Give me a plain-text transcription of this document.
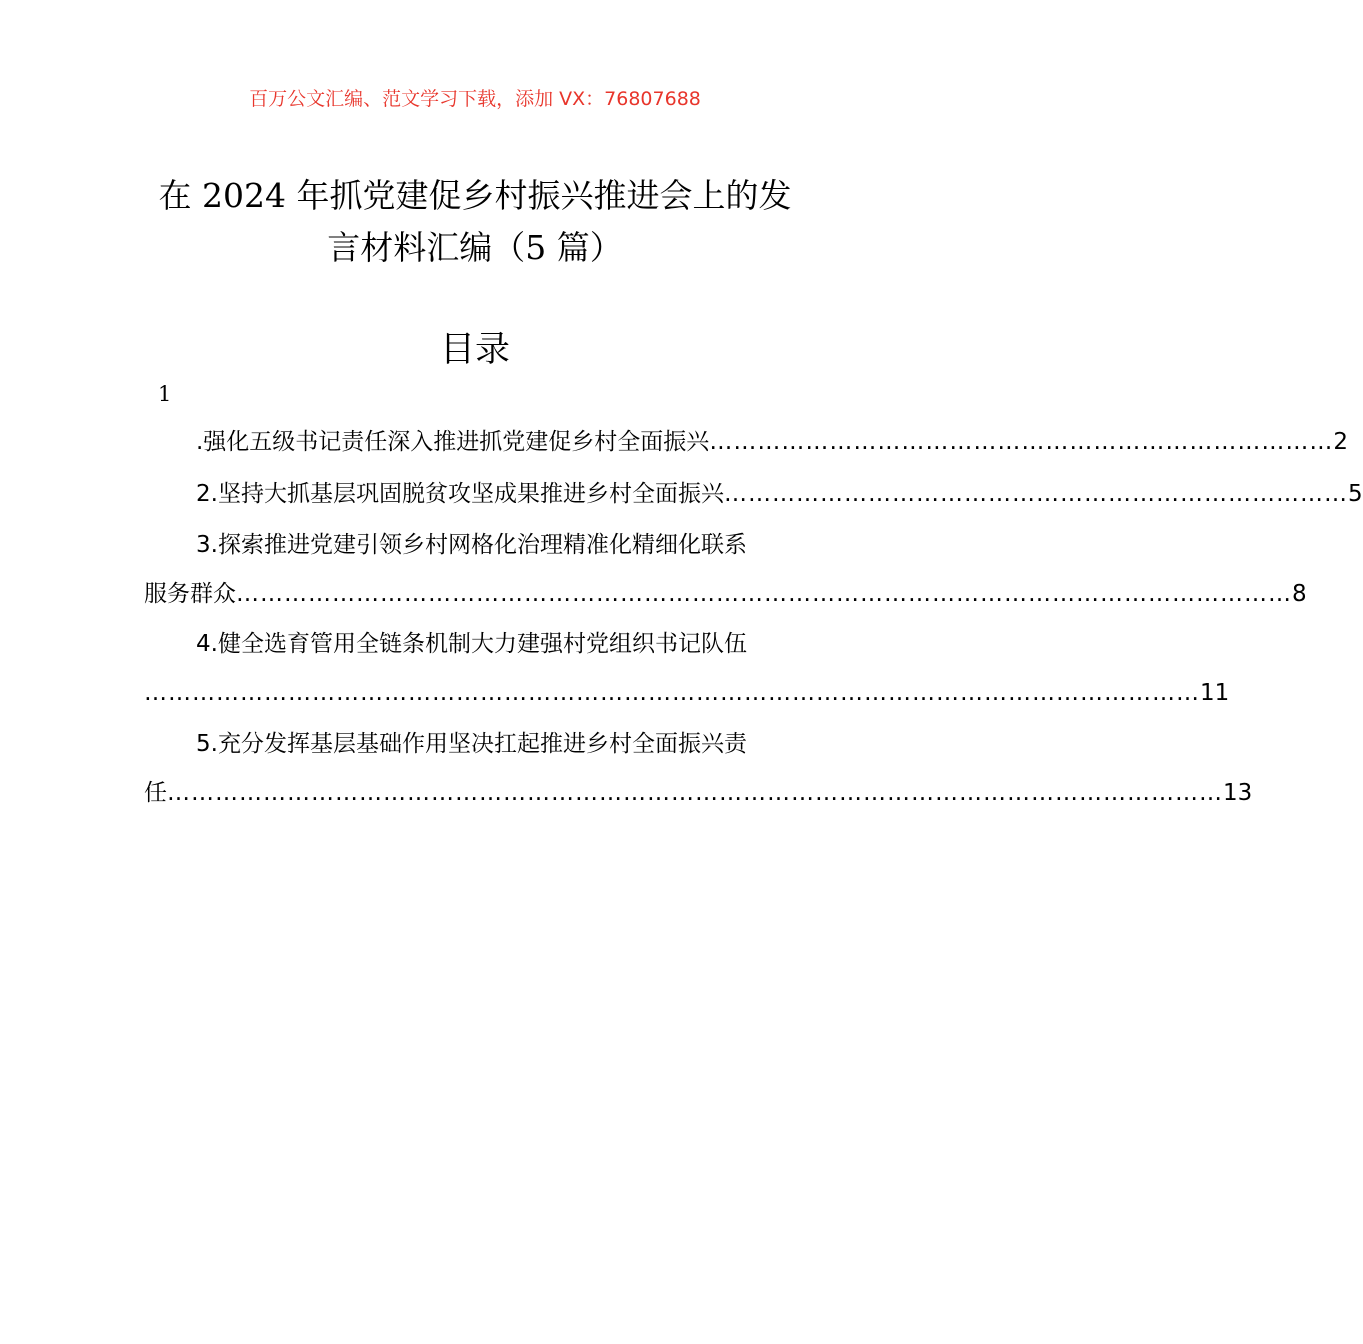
百万公文汇编、范文学习下载，添加 VX：76807688
在 2024 年抓党建促乡村振兴推进会上的发
言材料汇编（5 篇）
目录
1
.强化五级书记责任深入推进抓党建促乡村全面振兴 …………………………………………………………………… 2
2.坚持大抓基层巩固脱贫攻坚成果推进乡村全面振兴 …………………………………………………………………… 5
3.探索推进党建引领乡村网格化治理精准化精细化联系
服务群众 …………………………………………………………………………………………………………………… 8
4.健全选育管用全链条机制大力建强村党组织书记队伍
…………………………………………………………………………………………………………………… 11
5.充分发挥基层基础作用坚决扛起推进乡村全面振兴责
任 …………………………………………………………………………………………………………………… 13
